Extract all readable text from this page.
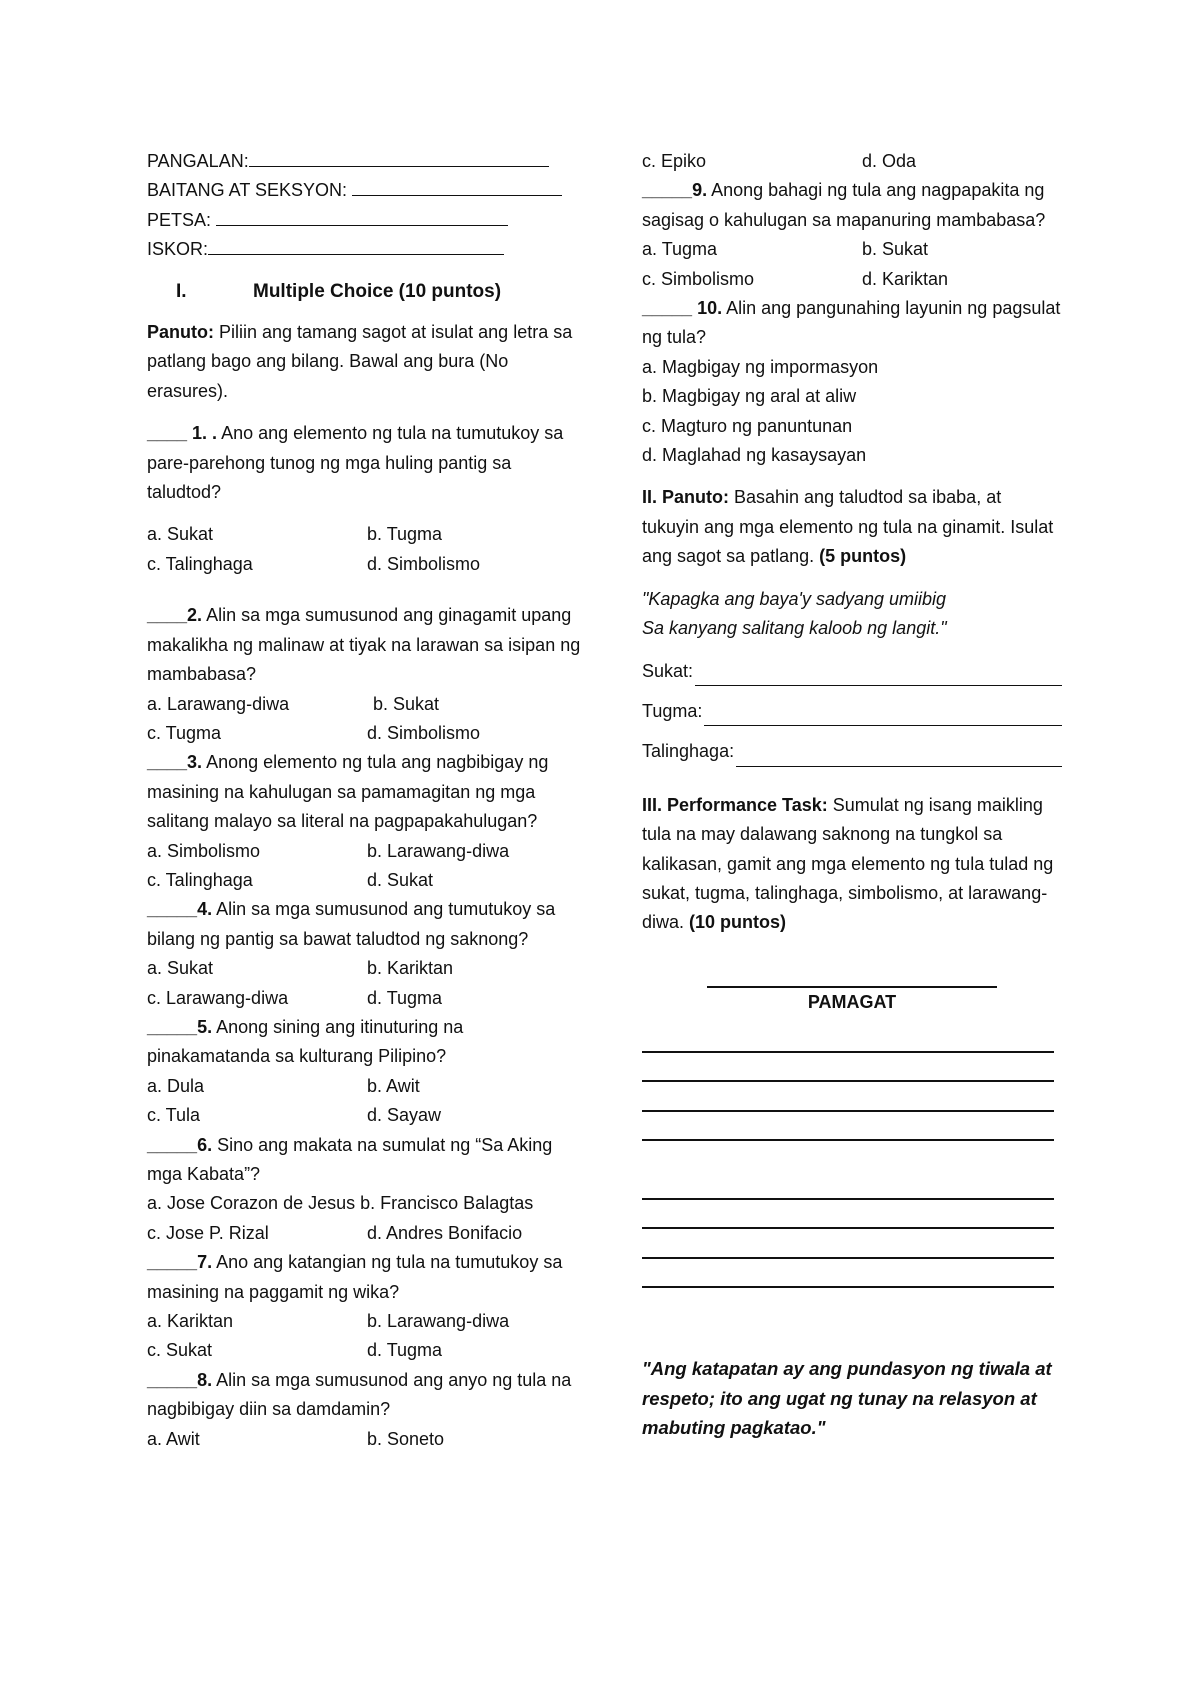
PANGALAN:

BAITANG AT SEKSYON:

PETSA:

ISKOR:

I.	Multiple Choice (10 puntos)

Panuto: Piliin ang tamang sagot at isulat ang letra sa patlang bago ang bilang. Bawal ang bura (No erasures).

____ 1. . Ano ang elemento ng tula na tumutukoy sa pare-parehong tunog ng mga huling pantig sa taludtod?

a. Sukat	b. Tugma
c. Talinghaga	d. Simbolismo

____2. Alin sa mga sumusunod ang ginagamit upang makalikha ng malinaw at tiyak na larawan sa isipan ng mambabasa?

a. Larawang-diwa	b. Sukat
c. Tugma	d. Simbolismo

____3. Anong elemento ng tula ang nagbibigay ng masining na kahulugan sa pamamagitan ng mga salitang malayo sa literal na pagpapakahulugan?

a. Simbolismo	b. Larawang-diwa
c. Talinghaga	d. Sukat

_____4. Alin sa mga sumusunod ang tumutukoy sa bilang ng pantig sa bawat taludtod ng saknong?

a. Sukat	b. Kariktan
c. Larawang-diwa	d. Tugma

_____5. Anong sining ang itinuturing na pinakamatanda sa kulturang Pilipino?

a. Dula	b. Awit
c. Tula	d. Sayaw

_____6. Sino ang makata na sumulat ng “Sa Aking mga Kabata”?

a. Jose Corazon de Jesus b. Francisco Balagtas

c. Jose P. Rizal	d. Andres Bonifacio

_____7. Ano ang katangian ng tula na tumutukoy sa masining na paggamit ng wika?

a. Kariktan	b. Larawang-diwa
c. Sukat	d. Tugma

_____8. Alin sa mga sumusunod ang anyo ng tula na nagbibigay diin sa damdamin?

a. Awit	b. Soneto
c. Epiko	d. Oda

_____9. Anong bahagi ng tula ang nagpapakita ng sagisag o kahulugan sa mapanuring mambabasa?

a. Tugma	b. Sukat
c. Simbolismo	d. Kariktan

_____ 10. Alin ang pangunahing layunin ng pagsulat ng tula?

a. Magbigay ng impormasyon

b. Magbigay ng aral at aliw

c. Magturo ng panuntunan

d. Maglahad ng kasaysayan

II. Panuto: Basahin ang taludtod sa ibaba, at tukuyin ang mga elemento ng tula na ginamit. Isulat ang sagot sa patlang. (5 puntos)

"Kapagka ang baya'y sadyang umiibig

Sa kanyang salitang kaloob ng langit."

Sukat:
Tugma:
Talinghaga:

III. Performance Task: Sumulat ng isang maikling tula na may dalawang saknong na tungkol sa kalikasan, gamit ang mga elemento ng tula tulad ng sukat, tugma, talinghaga, simbolismo, at larawang-diwa. (10 puntos)

PAMAGAT

"Ang katapatan ay ang pundasyon ng tiwala at respeto; ito ang ugat ng tunay na relasyon at mabuting pagkatao."
